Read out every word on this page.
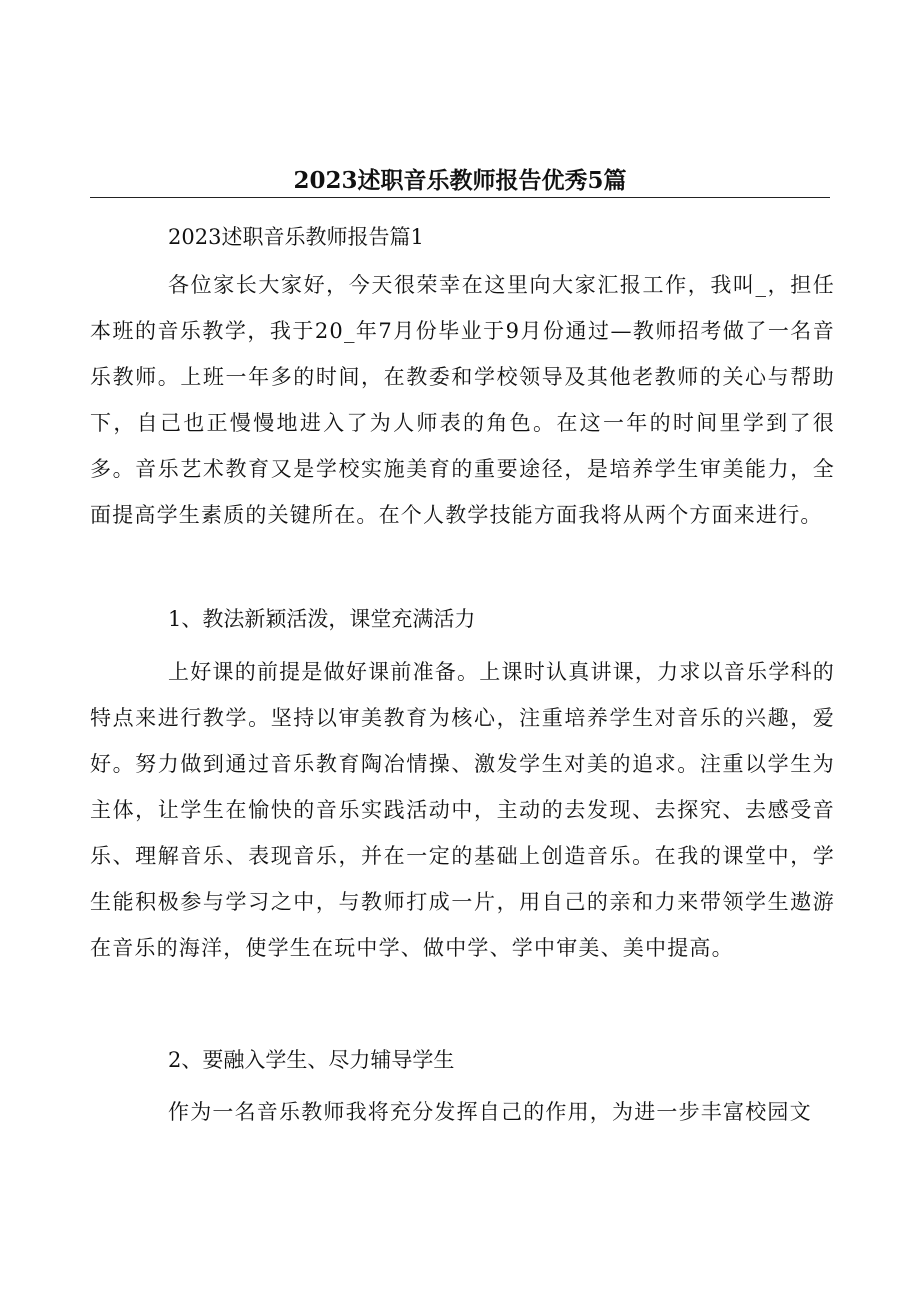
2023述职音乐教师报告优秀5篇
2023述职音乐教师报告篇1

各位家长大家好，今天很荣幸在这里向大家汇报工作，我叫_，担任本班的音乐教学，我于20_年7月份毕业于9月份通过—教师招考做了一名音乐教师。上班一年多的时间，在教委和学校领导及其他老教师的关心与帮助下，自己也正慢慢地进入了为人师表的角色。在这一年的时间里学到了很多。音乐艺术教育又是学校实施美育的重要途径，是培养学生审美能力，全面提高学生素质的关键所在。在个人教学技能方面我将从两个方面来进行。

1、教法新颖活泼，课堂充满活力

上好课的前提是做好课前准备。上课时认真讲课，力求以音乐学科的特点来进行教学。坚持以审美教育为核心，注重培养学生对音乐的兴趣，爱好。努力做到通过音乐教育陶冶情操、激发学生对美的追求。注重以学生为主体，让学生在愉快的音乐实践活动中，主动的去发现、去探究、去感受音乐、理解音乐、表现音乐，并在一定的基础上创造音乐。在我的课堂中，学生能积极参与学习之中，与教师打成一片，用自己的亲和力来带领学生遨游在音乐的海洋，使学生在玩中学、做中学、学中审美、美中提高。

2、要融入学生、尽力辅导学生

作为一名音乐教师我将充分发挥自己的作用，为进一步丰富校园文
